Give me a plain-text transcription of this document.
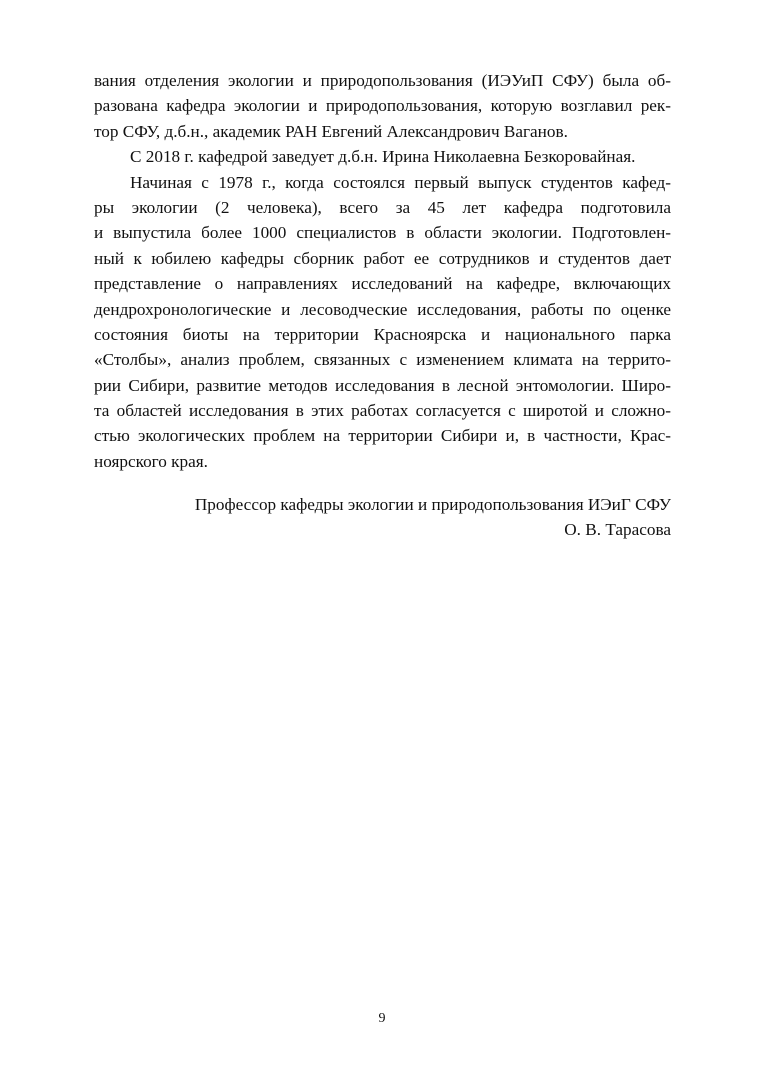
вания отделения экологии и природопользования (ИЭУиП СФУ) была об-
разована кафедра экологии и природопользования, которую возглавил рек-
тор СФУ, д.б.н., академик РАН Евгений Александрович Ваганов.
С 2018 г. кафедрой заведует д.б.н. Ирина Николаевна Безкоровайная.
Начиная с 1978 г., когда состоялся первый выпуск студентов кафед-
ры экологии (2 человека), всего за 45 лет кафедра подготовила
и выпустила более 1000 специалистов в области экологии. Подготовлен-
ный к юбилею кафедры сборник работ ее сотрудников и студентов дает
представление о направлениях исследований на кафедре, включающих
дендрохронологические и лесоводческие исследования, работы по оценке
состояния биоты на территории Красноярска и национального парка
«Столбы», анализ проблем, связанных с изменением климата на террито-
рии Сибири, развитие методов исследования в лесной энтомологии. Широ-
та областей исследования в этих работах согласуется с широтой и сложно-
стью экологических проблем на территории Сибири и, в частности, Крас-
ноярского края.
Профессор кафедры экологии и природопользования ИЭиГ СФУ
О. В. Тарасова
9
